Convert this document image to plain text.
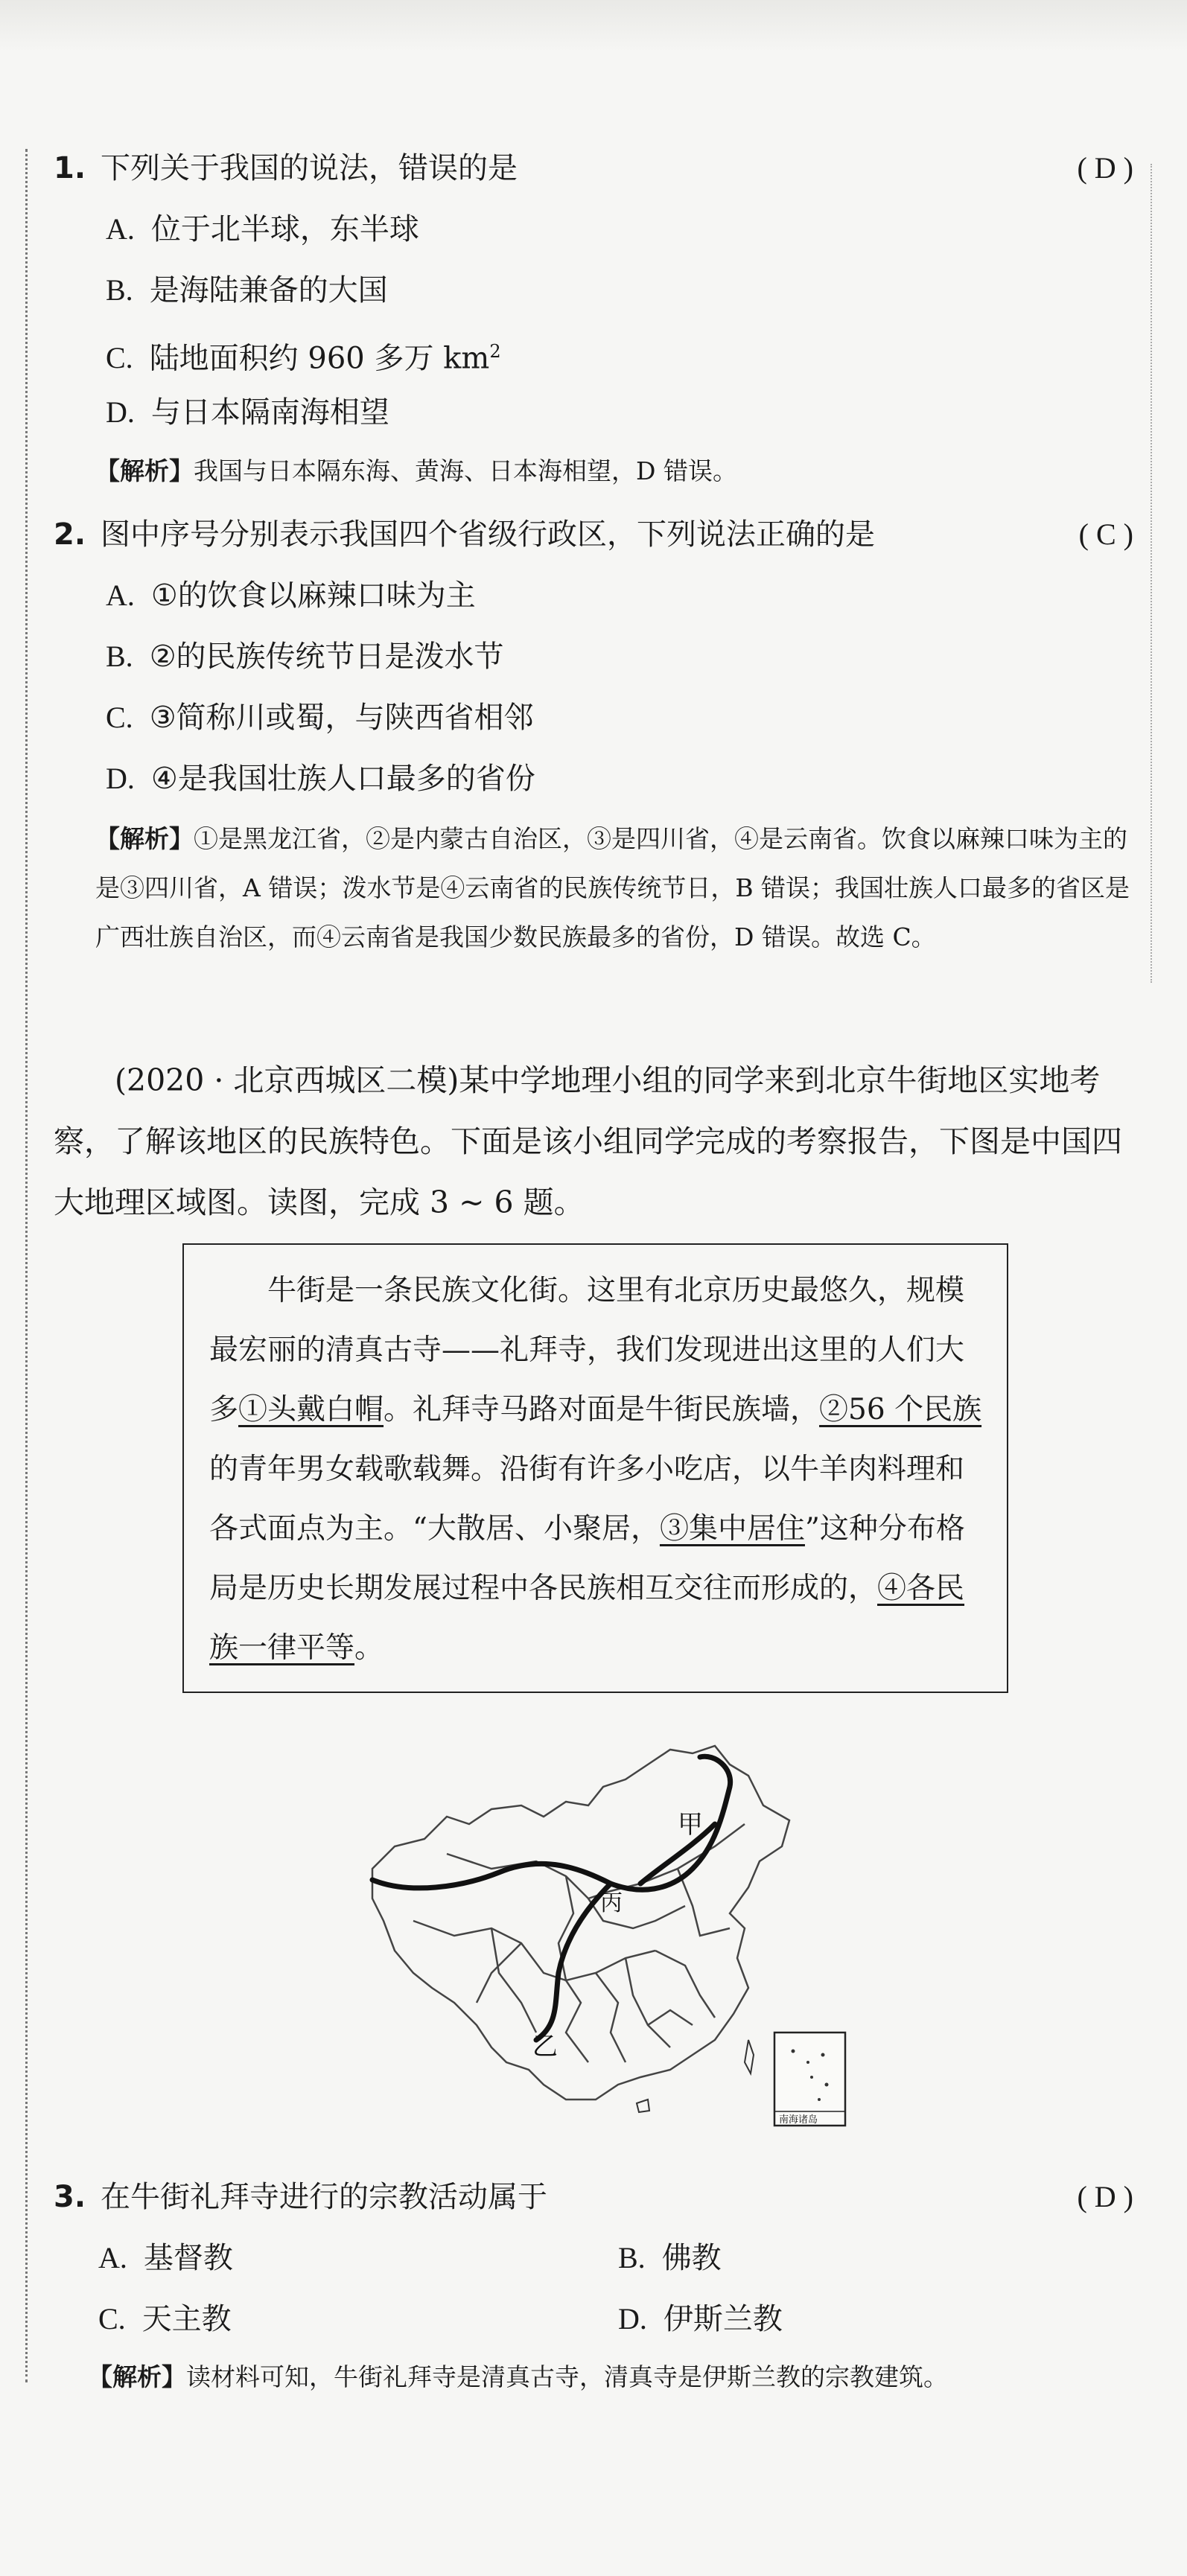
1. 下列关于我国的说法，错误的是	( D )
A. 位于北半球，东半球
B. 是海陆兼备的大国
C. 陆地面积约 960 多万 $km^2$
D. 与日本隔南海相望
【解析】我国与日本隔东海、黄海、日本海相望，D 错误。
2. 图中序号分别表示我国四个省级行政区，下列说法正确的是	( C )
A. ①的饮食以麻辣口味为主
B. ②的民族传统节日是泼水节
C. ③简称川或蜀，与陕西省相邻
D. ④是我国壮族人口最多的省份
【解析】①是黑龙江省，②是内蒙古自治区，③是四川省，④是云南省。饮食以麻辣口味为主的是③四川省，A 错误；泼水节是④云南省的民族传统节日，B 错误；我国壮族人口最多的省区是广西壮族自治区，而④云南省是我国少数民族最多的省份，D 错误。故选 C。
(2020 · 北京西城区二模)某中学地理小组的同学来到北京牛街地区实地考察，了解该地区的民族特色。下面是该小组同学完成的考察报告，下图是中国四大地理区域图。读图，完成 3 ~ 6 题。
牛街是一条民族文化街。这里有北京历史最悠久，规模最宏丽的清真古寺——礼拜寺，我们发现进出这里的人们大多①头戴白帽。礼拜寺马路对面是牛街民族墙，②56 个民族的青年男女载歌载舞。沿街有许多小吃店，以牛羊肉料理和各式面点为主。“大散居、小聚居，③集中居住”这种分布格局是历史长期发展过程中各民族相互交往而形成的，④各民族一律平等。
甲
丙
乙
南海诸岛
3. 在牛街礼拜寺进行的宗教活动属于	( D )
A. 基督教	B. 佛教
C. 天主教	D. 伊斯兰教
【解析】读材料可知，牛街礼拜寺是清真古寺，清真寺是伊斯兰教的宗教建筑。
